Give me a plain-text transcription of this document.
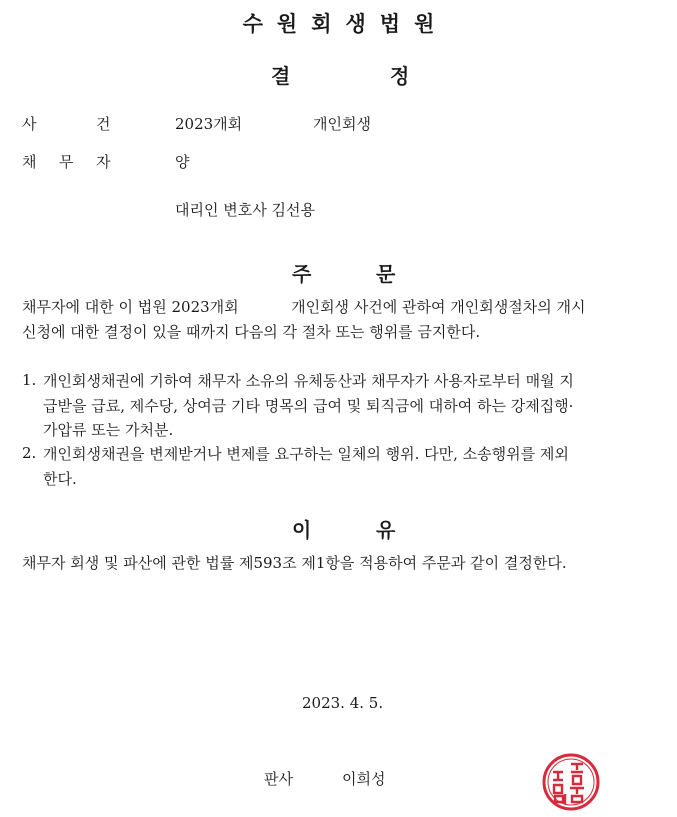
수원회생법원
결	정
사	건	2023개회	개인회생
채 무 자	양
대리인 변호사 김선용
주	문
채무자에 대한 이 법원 2023개회           개인회생 사건에 관하여 개인회생절차의 개시
신청에 대한 결정이 있을 때까지 다음의 각 절차 또는 행위를 금지한다.
1. 개인회생채권에 기하여 채무자 소유의 유체동산과 채무자가 사용자로부터 매월 지
급받을 급료, 제수당, 상여금 기타 명목의 급여 및 퇴직금에 대하여 하는 강제집행·
가압류 또는 가처분.
2. 개인회생채권을 변제받거나 변제를 요구하는 일체의 행위. 다만, 소송행위를 제외
한다.
이	유
채무자 회생 및 파산에 관한 법률 제593조 제1항을 적용하여 주문과 같이 결정한다.
2023. 4. 5.
판사	이희성
